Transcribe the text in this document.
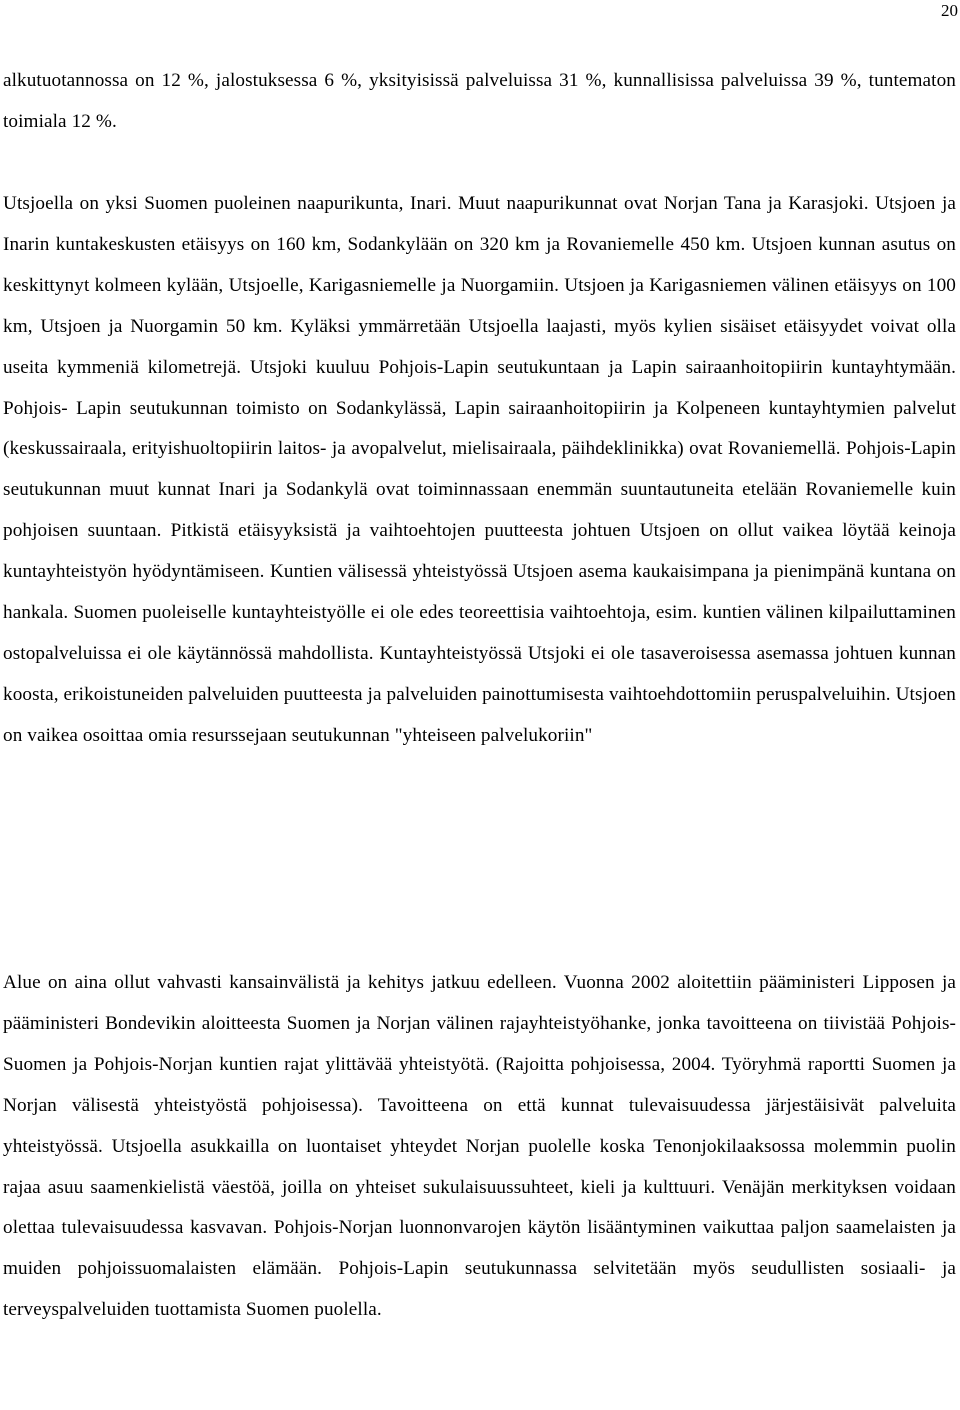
20

alkutuotannossa on 12 %, jalostuksessa 6 %, yksityisissä palveluissa 31 %, kunnallisissa palveluissa 39 %, tuntematon toimiala 12 %.

Utsjoella on yksi Suomen puoleinen naapurikunta, Inari. Muut naapurikunnat ovat Norjan Tana ja Karasjoki. Utsjoen ja Inarin kuntakeskusten etäisyys on 160 km, Sodankylään on 320 km ja Rovaniemelle 450 km. Utsjoen kunnan asutus on keskittynyt kolmeen kylään, Utsjoelle, Karigasniemelle ja Nuorgamiin. Utsjoen ja Karigasniemen välinen etäisyys on 100 km, Utsjoen ja Nuorgamin 50 km. Kyläksi ymmärretään Utsjoella laajasti, myös kylien sisäiset etäisyydet voivat olla useita kymmeniä kilometrejä. Utsjoki kuuluu Pohjois-Lapin seutukuntaan ja Lapin sairaanhoitopiirin kuntayhtymään. Pohjois- Lapin seutukunnan toimisto on Sodankylässä, Lapin sairaanhoitopiirin ja Kolpeneen kuntayhtymien palvelut (keskussairaala, erityishuoltopiirin laitos- ja avopalvelut, mielisairaala, päihdeklinikka) ovat Rovaniemellä. Pohjois-Lapin seutukunnan muut kunnat Inari ja Sodankylä ovat toiminnassaan enemmän suuntautuneita etelään Rovaniemelle kuin pohjoisen suuntaan. Pitkistä etäisyyksistä ja vaihtoehtojen puutteesta johtuen Utsjoen on ollut vaikea löytää keinoja kuntayhteistyön hyödyntämiseen. Kuntien välisessä yhteistyössä Utsjoen asema kaukaisimpana ja pienimpänä kuntana on hankala. Suomen puoleiselle kuntayhteistyölle ei ole edes teoreettisia vaihtoehtoja, esim. kuntien välinen kilpailuttaminen ostopalveluissa ei ole käytännössä mahdollista. Kuntayhteistyössä Utsjoki ei ole tasaveroisessa asemassa johtuen kunnan koosta, erikoistuneiden palveluiden puutteesta ja palveluiden painottumisesta vaihtoehdottomiin peruspalveluihin. Utsjoen on vaikea osoittaa omia resurssejaan seutukunnan "yhteiseen palvelukoriin"

Alue on aina ollut vahvasti kansainvälistä ja kehitys jatkuu edelleen. Vuonna 2002 aloitettiin pääministeri Lipposen ja pääministeri Bondevikin aloitteesta Suomen ja Norjan välinen rajayhteistyöhanke, jonka tavoitteena on tiivistää Pohjois-Suomen ja Pohjois-Norjan kuntien rajat ylittävää yhteistyötä. (Rajoitta pohjoisessa, 2004. Työryhmä raportti Suomen ja Norjan välisestä yhteistyöstä pohjoisessa). Tavoitteena on että kunnat tulevaisuudessa järjestäisivät palveluita yhteistyössä. Utsjoella asukkailla on luontaiset yhteydet Norjan puolelle koska Tenonjokilaaksossa molemmin puolin rajaa asuu saamenkielistä väestöä, joilla on yhteiset sukulaisuussuhteet, kieli ja kulttuuri. Venäjän merkityksen voidaan olettaa tulevaisuudessa kasvavan. Pohjois-Norjan luonnonvarojen käytön lisääntyminen vaikuttaa paljon saamelaisten ja muiden pohjoissuomalaisten elämään. Pohjois-Lapin seutukunnassa selvitetään myös seudullisten sosiaali- ja terveyspalveluiden tuottamista Suomen puolella.
